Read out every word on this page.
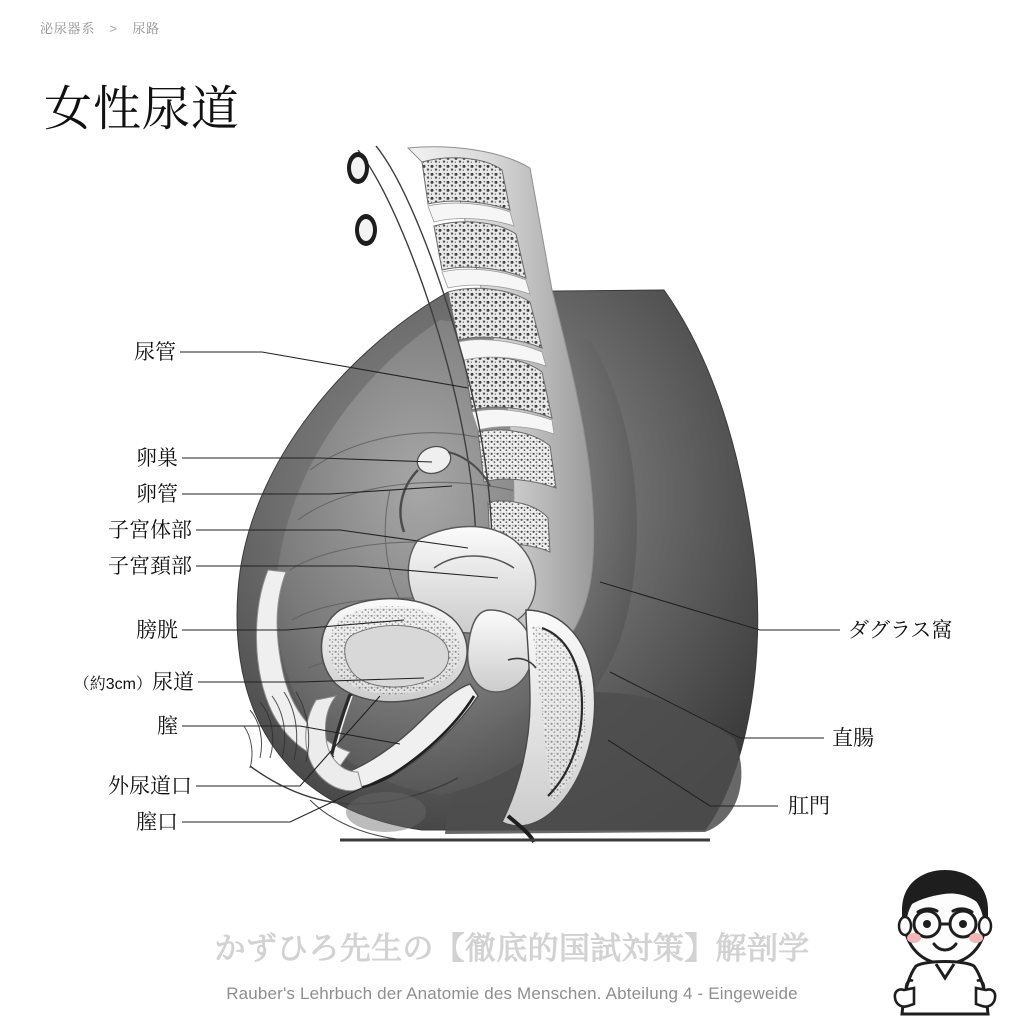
泌尿器系 > 尿路
女性尿道
尿管
卵巣
卵管
子宮体部
子宮頚部
膀胱
（約3cm）尿道
膣
外尿道口
膣口
ダグラス窩
直腸
肛門
かずひろ先生の【徹底的国試対策】解剖学
Rauber's Lehrbuch der Anatomie des Menschen. Abteilung 4 - Eingeweide
